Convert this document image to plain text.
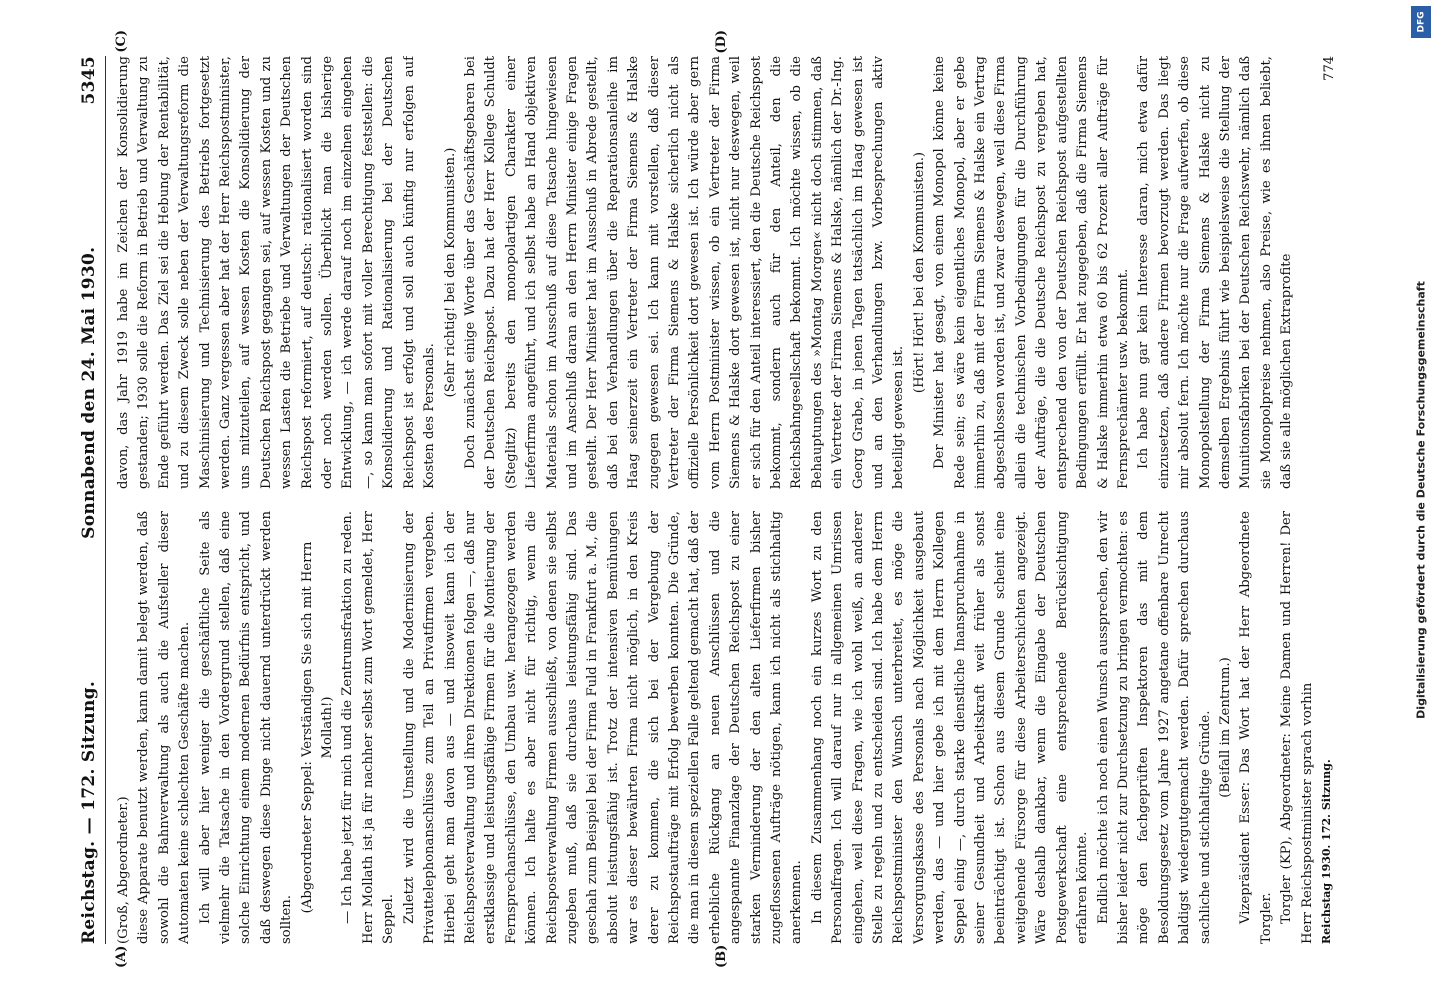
Reichstag. — 172. Sitzung.
Sonnabend den 24. Mai 1930.
5345
(A)	(B)
(C)	(D)

(Groß, Abgeordneter.) diese Apparate benutzt werden, kann damit belegt werden, daß sowohl die Bahnverwaltung als auch die Aufsteller dieser Automaten keine schlechten Geschäfte machen. Ich will aber hier weniger die geschäftliche Seite als vielmehr die Tatsache in den Vordergrund stellen, daß eine solche Einrichtung einem modernen Bedürfnis entspricht, und daß deswegen diese Dinge nicht dauernd unterdrückt werden sollten.

(Abgeordneter Seppel: Verständigen Sie sich mit Herrn Mollath!) — Ich habe jetzt für mich und die Zentrumsfraktion zu reden. Herr Mollath ist ja für nachher selbst zum Wort gemeldet, Herr Seppel. Zuletzt wird die Umstellung und die Modernisierung der Privattelephonanschlüsse zum Teil an Privatfirmen vergeben. Hierbei geht man davon aus — und insoweit kann ich der Reichspostverwaltung und ihren Direktionen folgen —, daß nur erstklassige und leistungsfähige Firmen für die Montierung der Fernsprechanschlüsse, den Umbau usw. herangezogen werden können. Ich halte es aber nicht für richtig, wenn die Reichspostverwaltung Firmen ausschließt, von denen sie selbst zugeben muß, daß sie durchaus leistungsfähig sind. Das geschah zum Beispiel bei der Firma Fuld in Frankfurt a. M., die absolut leistungsfähig ist. Trotz der intensiven Bemühungen war es dieser bewährten Firma nicht möglich, in den Kreis derer zu kommen, die sich bei der Vergebung der Reichspostaufträge mit Erfolg bewerben konnten. Die Gründe, die man in diesem speziellen Falle geltend gemacht hat, daß der erhebliche Rückgang an neuen Anschlüssen und die angespannte Finanzlage der Deutschen Reichspost zu einer starken Verminderung der den alten Lieferfirmen bisher zugeflossenen Aufträge nötigen, kann ich nicht als stichhaltig anerkennen. In diesem Zusammenhang noch ein kurzes Wort zu den Personalfragen. Ich will darauf nur in allgemeinen Umrissen eingehen, weil diese Fragen, wie ich wohl weiß, an anderer Stelle zu regeln und zu entscheiden sind. Ich habe dem Herrn Reichspostminister den Wunsch unterbreitet, es möge die Versorgungskasse des Personals nach Möglichkeit ausgebaut werden, das — und hier gebe ich mit dem Herrn Kollegen Seppel einig —, durch starke dienstliche Inanspruchnahme in seiner Gesundheit und Arbeitskraft weit früher als sonst beeinträchtigt ist. Schon aus diesem Grunde scheint eine weitgehende Fürsorge für diese Arbeiterschichten angezeigt. Wäre deshalb dankbar, wenn die Eingabe der Deutschen Postgewerkschaft eine entsprechende Berücksichtigung erfahren könnte. Endlich möchte ich noch einen Wunsch aussprechen, den wir bisher leider nicht zur Durchsetzung zu bringen vermochten: es möge den fachgeprüften Inspektoren das mit dem Besoldungsgesetz vom Jahre 1927 angetane offenbare Unrecht baldigst wiedergutgemacht werden. Dafür sprechen durchaus sachliche und stichhaltige Gründe. (Beifall im Zentrum.) Vizepräsident Esser: Das Wort hat der Herr Abgeordnete Torgler. Torgler (KP), Abgeordneter: Meine Damen und Herren! Der Herr Reichspostminister sprach vorhin

davon, das Jahr 1919 habe im Zeichen der Konsolidierung gestanden; 1930 solle die Reform in Betrieb und Verwaltung zu Ende geführt werden. Das Ziel sei die Hebung der Rentabilität, und zu diesem Zweck solle neben der Verwaltungsreform die Maschinisierung und Technisierung des Betriebs fortgesetzt werden. Ganz vergessen aber hat der Herr Reichspostminister, uns mitzuteilen, auf wessen Kosten die Konsolidierung der Deutschen Reichspost gegangen sei, auf wessen Kosten und zu wessen Lasten die Betriebe und Verwaltungen der Deutschen Reichspost reformiert, auf deutsch: rationalisiert worden sind oder noch werden sollen. Überblickt man die bisherige Entwicklung, — ich werde darauf noch im einzelnen eingehen —, so kann man sofort mit voller Berechtigung feststellen: die Konsolidierung und Rationalisierung bei der Deutschen Reichspost ist erfolgt und soll auch künftig nur erfolgen auf Kosten des Personals.

(Sehr richtig! bei den Kommunisten.) Doch zunächst einige Worte über das Geschäftsgebaren bei der Deutschen Reichspost. Dazu hat der Herr Kollege Schuldt (Steglitz) bereits den monopolartigen Charakter einer Lieferfirma angeführt, und ich selbst habe an Hand objektiven Materials schon im Ausschuß auf diese Tatsache hingewiesen und im Anschluß daran an den Herrn Minister einige Fragen gestellt. Der Herr Minister hat im Ausschuß in Abrede gestellt, daß bei den Verhandlungen über die Reparationsanleihe im Haag seinerzeit ein Vertreter der Firma Siemens & Halske zugegen gewesen sei. Ich kann mit vorstellen, daß dieser Vertreter der Firma Siemens & Halske sicherlich nicht als offizielle Persönlichkeit dort gewesen ist. Ich würde aber gern vom Herrn Postminister wissen, ob ein Vertreter der Firma Siemens & Halske dort gewesen ist, nicht nur deswegen, weil er sich für den Anteil interessiert, den die Deutsche Reichspost bekommt, sondern auch für den Anteil, den die Reichsbahngesellschaft bekommt. Ich möchte wissen, ob die Behauptungen des »Montag Morgen« nicht doch stimmen, daß ein Vertreter der Firma Siemens & Halske, nämlich der Dr.-Ing. Georg Grabe, in jenen Tagen tatsächlich im Haag gewesen ist und an den Verhandlungen bzw. Vorbesprechungen aktiv beteiligt gewesen ist.

(Hört! Hört! bei den Kommunisten.) Der Minister hat gesagt, von einem Monopol könne keine Rede sein; es wäre kein eigentliches Monopol, aber er gebe immerhin zu, daß mit der Firma Siemens & Halske ein Vertrag abgeschlossen worden ist, und zwar deswegen, weil diese Firma allein die technischen Vorbedingungen für die Durchführung der Aufträge, die die Deutsche Reichspost zu vergeben hat, entsprechend den von der Deutschen Reichspost aufgestellten Bedingungen erfüllt. Er hat zugegeben, daß die Firma Siemens & Halske immerhin etwa 60 bis 62 Prozent aller Aufträge für Fernsprechämter usw. bekommt. Ich habe nun gar kein Interesse daran, mich etwa dafür einzusetzen, daß andere Firmen bevorzugt werden. Das liegt mir absolut fern. Ich möchte nur die Frage aufwerfen, ob diese Monopolstellung der Firma Siemens & Halske nicht zu demselben Ergebnis führt wie beispielsweise die Stellung der Munitionsfabriken bei der Deutschen Reichswehr, nämlich daß sie Monopolpreise nehmen, also Preise, wie es ihnen beliebt, daß sie alle möglichen Extraprofite

Reichstag 1930. 172. Sitzung.
774
DFG
Digitalisierung gefördert durch die Deutsche Forschungsgemeinschaft
